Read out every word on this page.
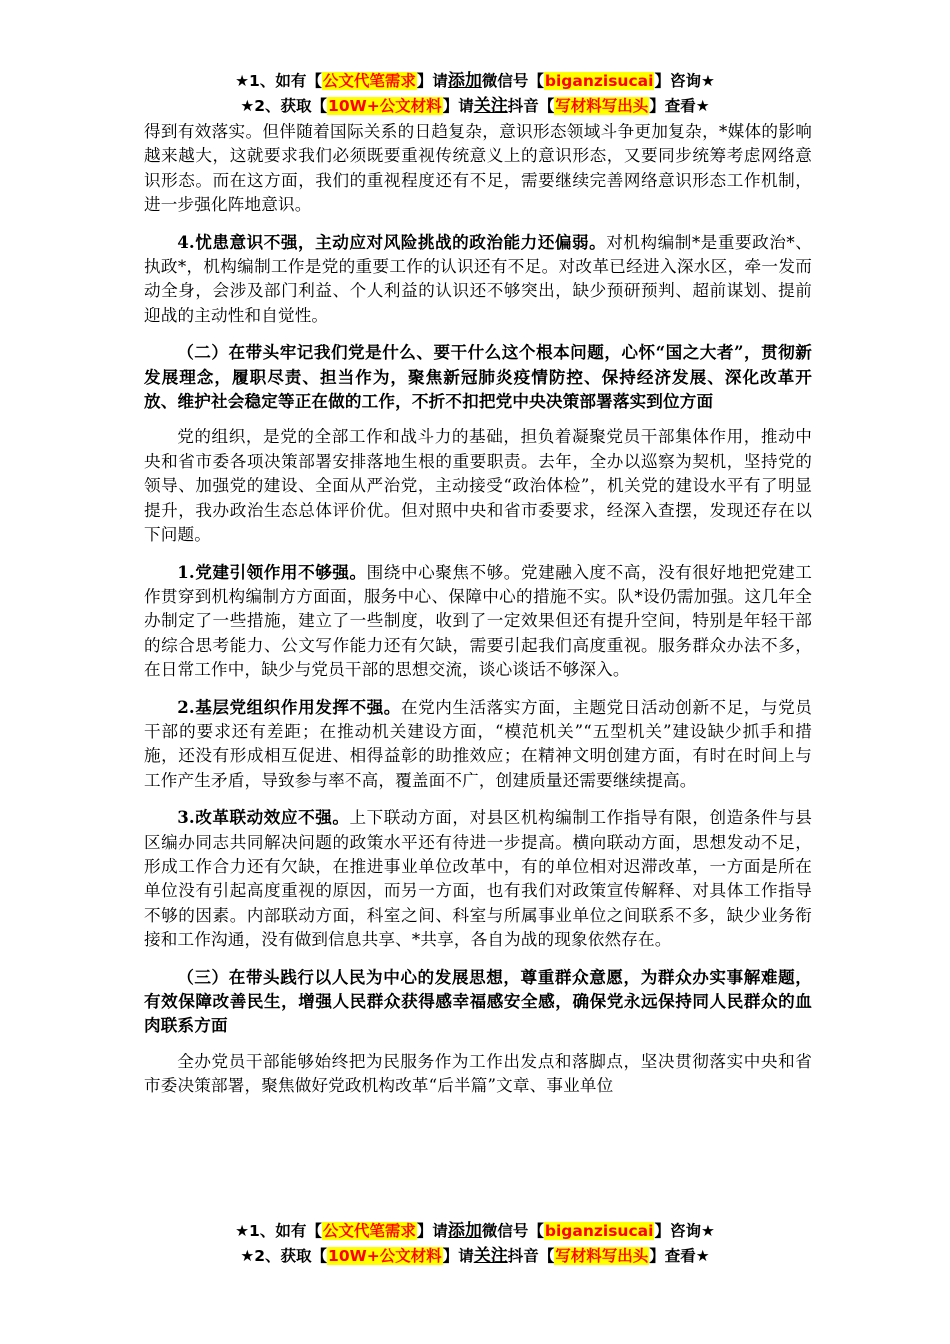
★1、如有【公文代笔需求】请添加微信号【biganzisucai】咨询★
★2、获取【10W+公文材料】请关注抖音【写材料写出头】查看★

得到有效落实。但伴随着国际关系的日趋复杂，意识形态领域斗争更加复杂，*媒体的影响越来越大，这就要求我们必须既要重视传统意义上的意识形态，又要同步统筹考虑网络意识形态。而在这方面，我们的重视程度还有不足，需要继续完善网络意识形态工作机制，进一步强化阵地意识。

4.忧患意识不强，主动应对风险挑战的政治能力还偏弱。对机构编制*是重要政治*、执政*，机构编制工作是党的重要工作的认识还有不足。对改革已经进入深水区，牵一发而动全身，会涉及部门利益、个人利益的认识还不够突出，缺少预研预判、超前谋划、提前迎战的主动性和自觉性。

（二）在带头牢记我们党是什么、要干什么这个根本问题，心怀“国之大者”，贯彻新发展理念，履职尽责、担当作为，聚焦新冠肺炎疫情防控、保持经济发展、深化改革开放、维护社会稳定等正在做的工作，不折不扣把党中央决策部署落实到位方面

党的组织，是党的全部工作和战斗力的基础，担负着凝聚党员干部集体作用，推动中央和省市委各项决策部署安排落地生根的重要职责。去年，全办以巡察为契机，坚持党的领导、加强党的建设、全面从严治党，主动接受“政治体检”，机关党的建设水平有了明显提升，我办政治生态总体评价优。但对照中央和省市委要求，经深入查摆，发现还存在以下问题。

1.党建引领作用不够强。围绕中心聚焦不够。党建融入度不高，没有很好地把党建工作贯穿到机构编制方方面面，服务中心、保障中心的措施不实。队*设仍需加强。这几年全办制定了一些措施，建立了一些制度，收到了一定效果但还有提升空间，特别是年轻干部的综合思考能力、公文写作能力还有欠缺，需要引起我们高度重视。服务群众办法不多，在日常工作中，缺少与党员干部的思想交流，谈心谈话不够深入。

2.基层党组织作用发挥不强。在党内生活落实方面，主题党日活动创新不足，与党员干部的要求还有差距；在推动机关建设方面，“模范机关”“五型机关”建设缺少抓手和措施，还没有形成相互促进、相得益彰的助推效应；在精神文明创建方面，有时在时间上与工作产生矛盾，导致参与率不高，覆盖面不广，创建质量还需要继续提高。

3.改革联动效应不强。上下联动方面，对县区机构编制工作指导有限，创造条件与县区编办同志共同解决问题的政策水平还有待进一步提高。横向联动方面，思想发动不足，形成工作合力还有欠缺，在推进事业单位改革中，有的单位相对迟滞改革，一方面是所在单位没有引起高度重视的原因，而另一方面，也有我们对政策宣传解释、对具体工作指导不够的因素。内部联动方面，科室之间、科室与所属事业单位之间联系不多，缺少业务衔接和工作沟通，没有做到信息共享、*共享，各自为战的现象依然存在。

（三）在带头践行以人民为中心的发展思想，尊重群众意愿，为群众办实事解难题，有效保障改善民生，增强人民群众获得感幸福感安全感，确保党永远保持同人民群众的血肉联系方面

全办党员干部能够始终把为民服务作为工作出发点和落脚点，坚决贯彻落实中央和省市委决策部署，聚焦做好党政机构改革“后半篇”文章、事业单位

★1、如有【公文代笔需求】请添加微信号【biganzisucai】咨询★
★2、获取【10W+公文材料】请关注抖音【写材料写出头】查看★
